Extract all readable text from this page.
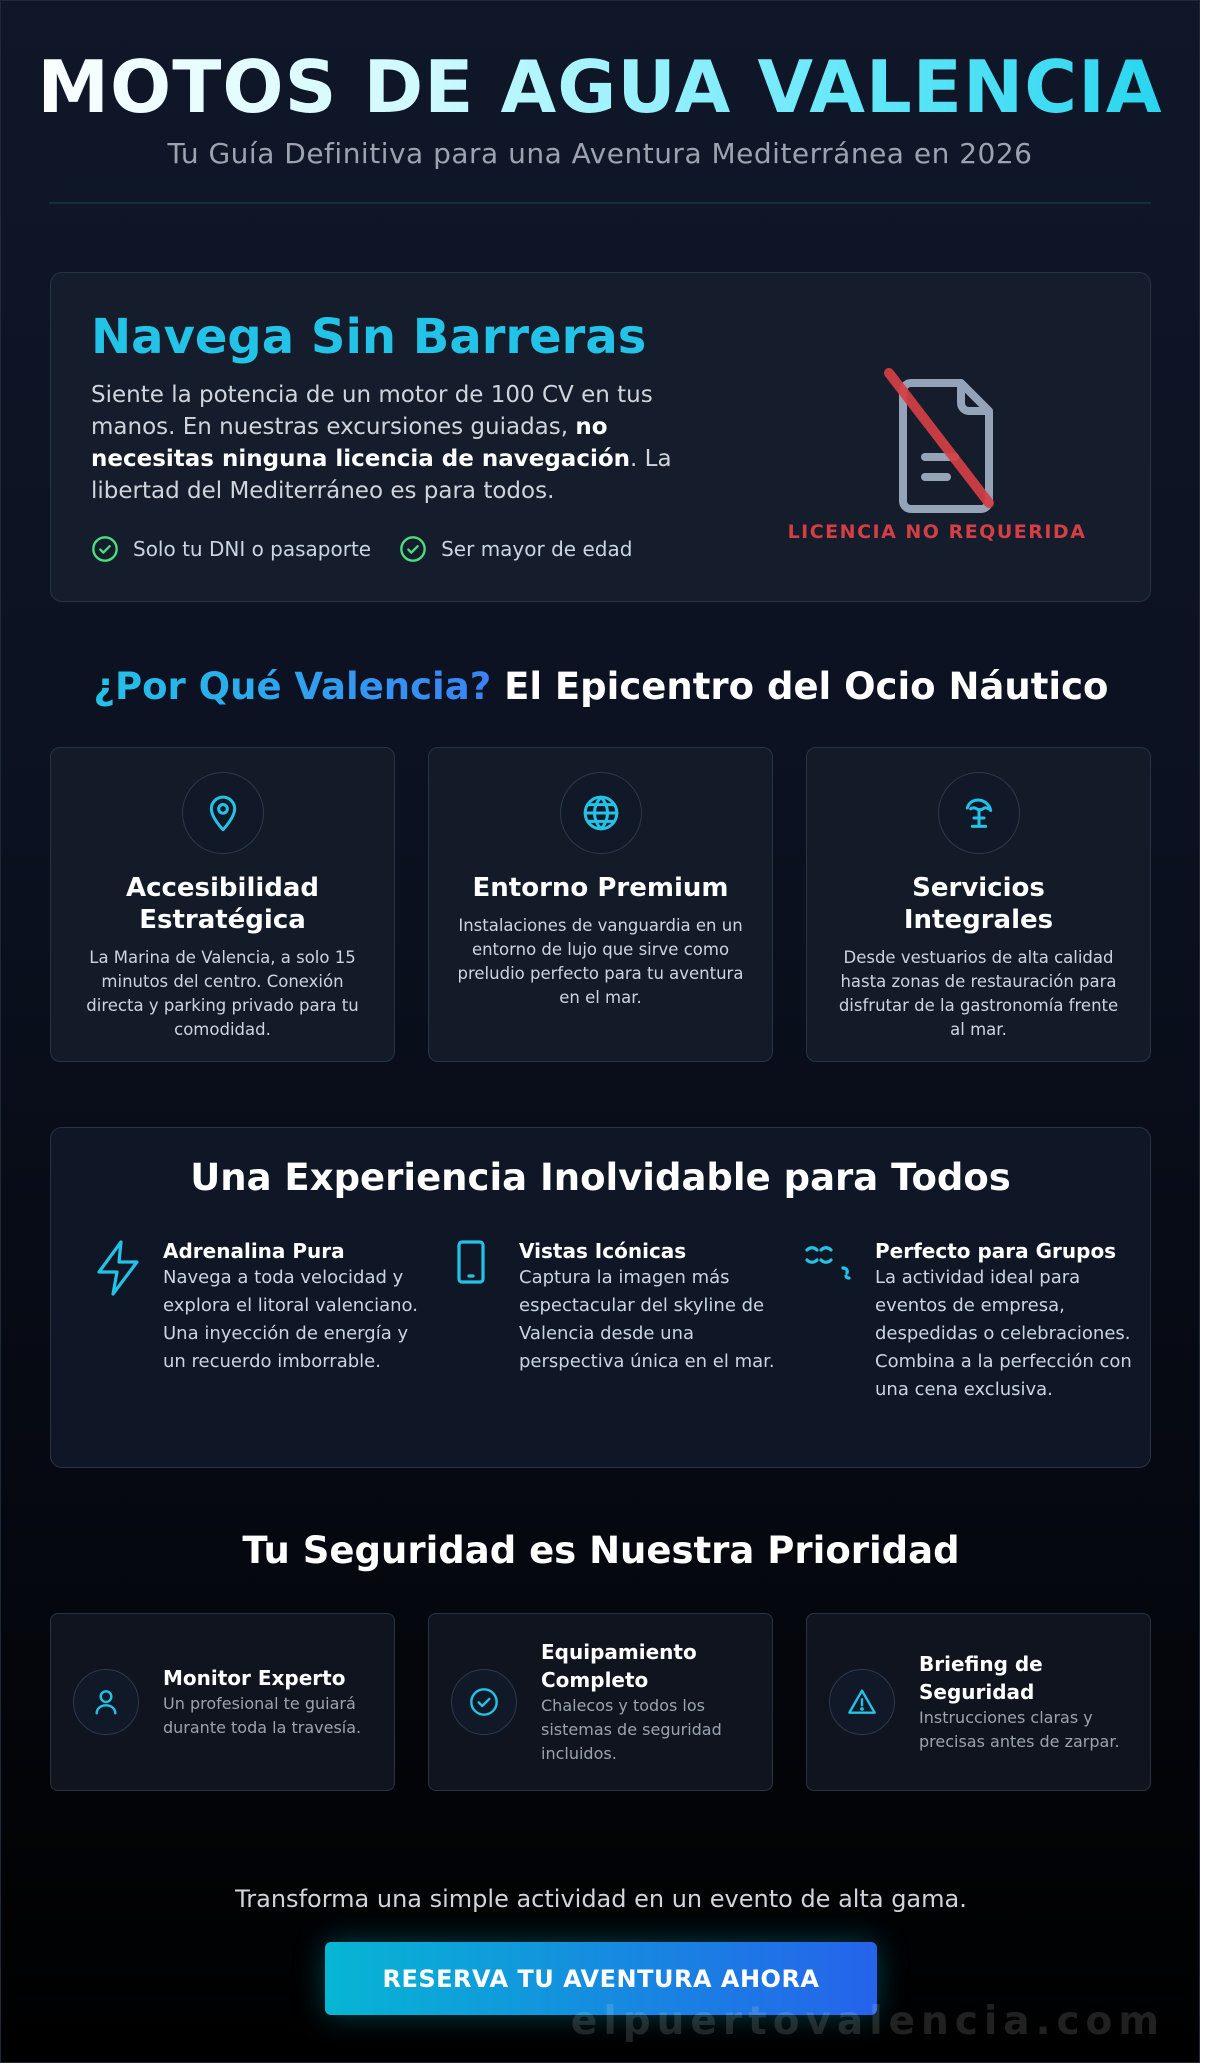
MOTOS DE AGUA VALENCIA
Tu Guía Definitiva para una Aventura Mediterránea en 2026
Navega Sin Barreras

Siente la potencia de un motor de 100 CV en tus manos. En nuestras excursiones guiadas, no necesitas ninguna licencia de navegación. La libertad del Mediterráneo es para todos.

Solo tu DNI o pasaporte	Ser mayor de edad
LICENCIA NO REQUERIDA
¿Por Qué Valencia? El Epicentro del Ocio Náutico
Accesibilidad Estratégica
La Marina de Valencia, a solo 15 minutos del centro. Conexión directa y parking privado para tu comodidad.
Entorno Premium
Instalaciones de vanguardia en un entorno de lujo que sirve como preludio perfecto para tu aventura en el mar.
Servicios Integrales
Desde vestuarios de alta calidad hasta zonas de restauración para disfrutar de la gastronomía frente al mar.
Una Experiencia Inolvidable para Todos
Adrenalina Pura
Navega a toda velocidad y explora el litoral valenciano. Una inyección de energía y un recuerdo imborrable.
Vistas Icónicas
Captura la imagen más espectacular del skyline de Valencia desde una perspectiva única en el mar.
Perfecto para Grupos
La actividad ideal para eventos de empresa, despedidas o celebraciones. Combina a la perfección con una cena exclusiva.
Tu Seguridad es Nuestra Prioridad
Monitor Experto
Un profesional te guiará durante toda la travesía.
Equipamiento Completo
Chalecos y todos los sistemas de seguridad incluidos.
Briefing de Seguridad
Instrucciones claras y precisas antes de zarpar.
Transforma una simple actividad en un evento de alta gama.
RESERVA TU AVENTURA AHORA
elpuertovalencia.com
